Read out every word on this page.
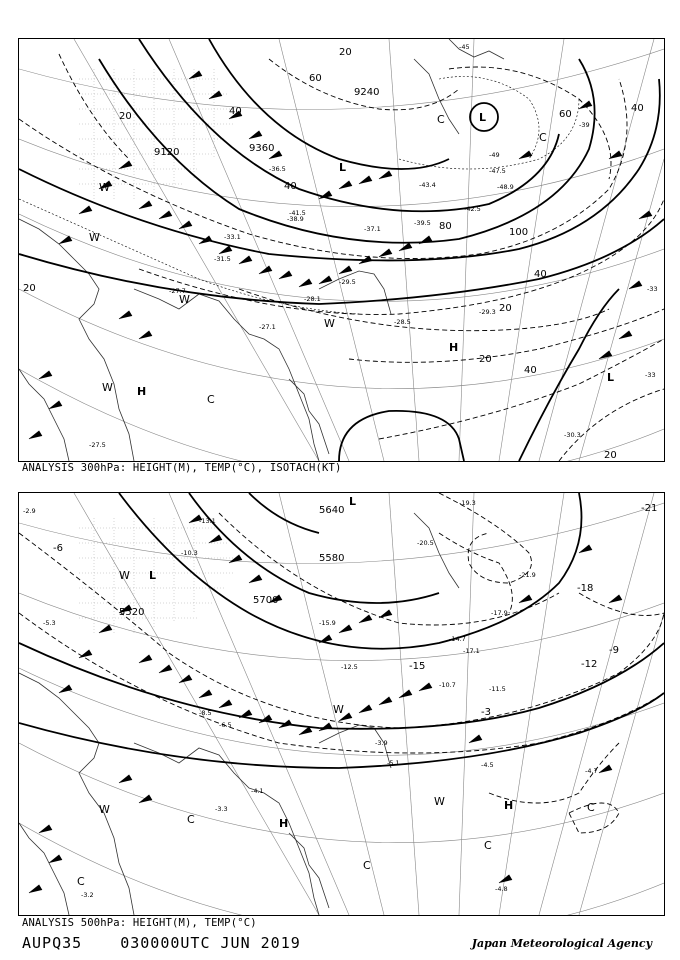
9120	9360
9240
20
20	40
60
80
100
40
20
20
40
20
40
60
20
40
-27.7
-29.5
-28.1
-28.5
-29.3
-27.1
-27.5
-30.3
-33
-33
-39
-45
-49
-47.5
-48.9
-43.4
-42.5
-39.5
-37.1
-38.9
-36.5
-41.5
-33.1
-31.5
L
L
L
H
H
C
C
C
W
W
W
W
W
ANALYSIS 300hPa: HEIGHT(M), TEMP(°C), ISOTACH(KT)
5520
5580
5700
5640
-6
-12
-18
-21
-15
-9
-3
-19.3
-17.9
-15.9
-14.7
-12.5
-11.5
-10.7
-8.5
-6.5
-5.1
-4.7
-4.5
-4.1
-3.9
-3.3
-3.2
-4.8
-13.1
-10.3
-2.9
-5.3
-17.1
-20.5
-21.9
L
L
H
H
C
C
C
C
C
W
W
W
W
ANALYSIS 500hPa: HEIGHT(M), TEMP(°C)
AUPQ35	030000UTC JUN 2019	Japan Meteorological Agency
